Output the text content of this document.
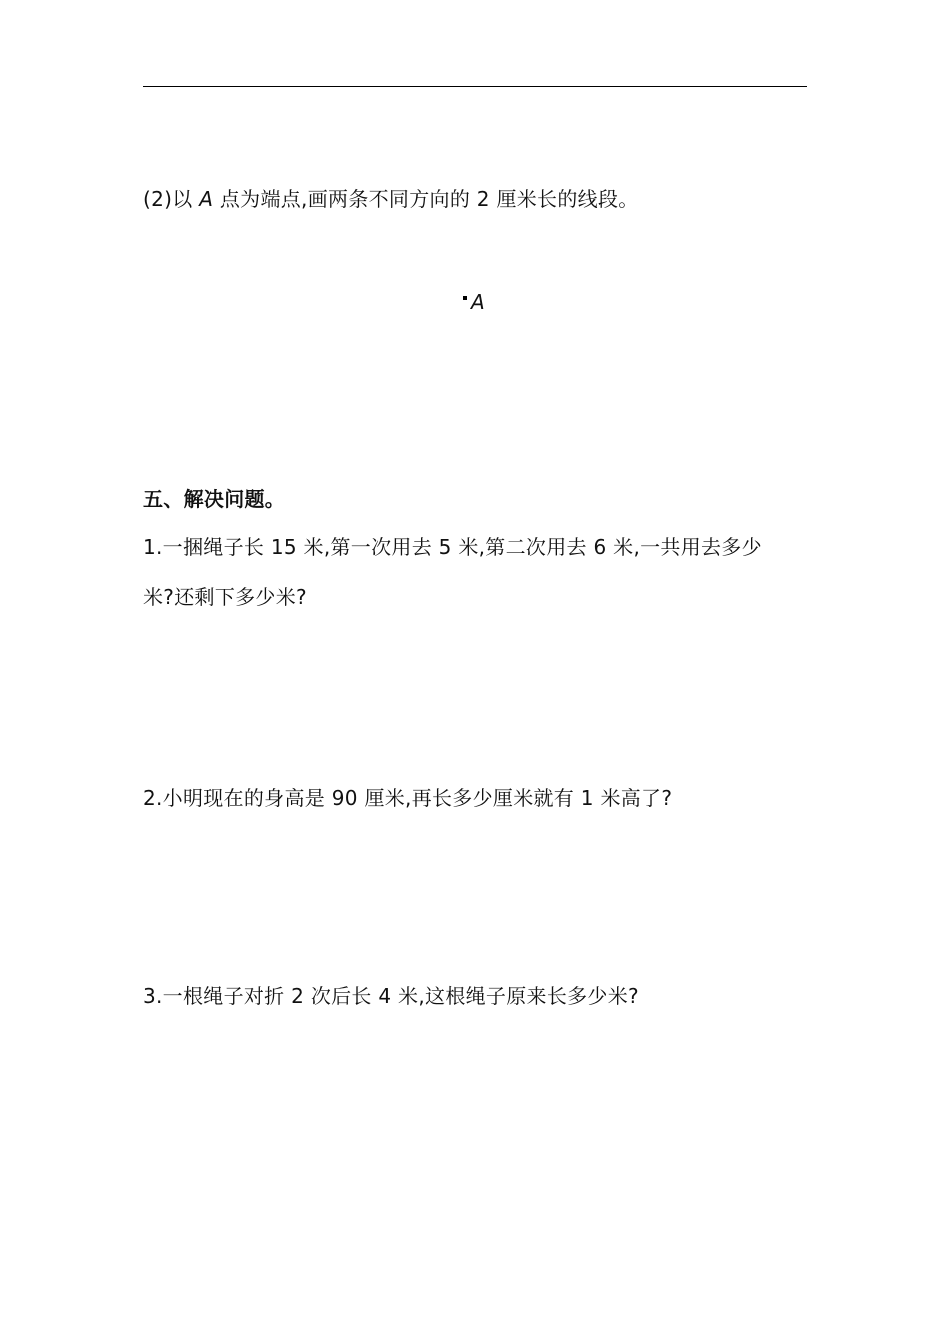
(2)以 A 点为端点,画两条不同方向的 2 厘米长的线段。
A
五、解决问题。
1.一捆绳子长 15 米,第一次用去 5 米,第二次用去 6 米,一共用去多少
米?还剩下多少米?
2.小明现在的身高是 90 厘米,再长多少厘米就有 1 米高了?
3.一根绳子对折 2 次后长 4 米,这根绳子原来长多少米?
